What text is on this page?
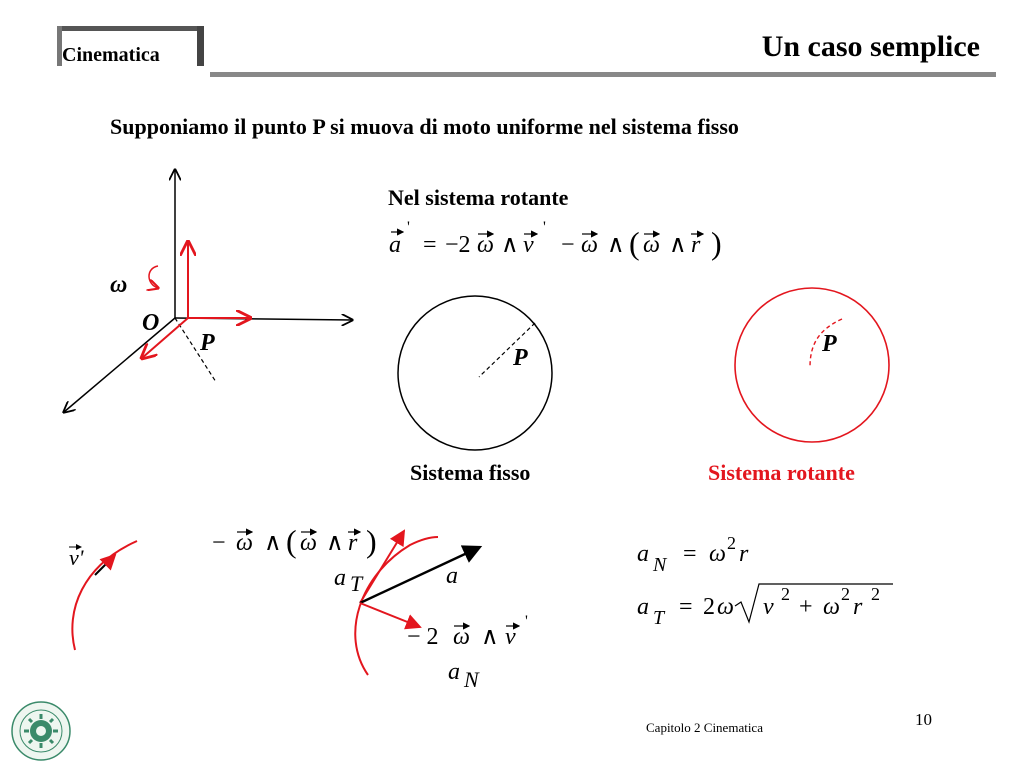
Cinematica	Un caso semplice
Supponiamo il punto P si muova di moto uniforme nel sistema fisso
Nel sistema rotante
a
'
= −2 ω ∧ v
'
− ω ∧ ( ω ∧ r )
ω
O
P
P
Sistema fisso
P
Sistema rotante
v'
− ω ∧ ( ω ∧ r )
a T	a
a N
− 2 ω ∧ v
'
a N = ω 2 r
a T = 2 ω v 2 + ω 2 r 2
Capitolo 2 Cinematica	10
